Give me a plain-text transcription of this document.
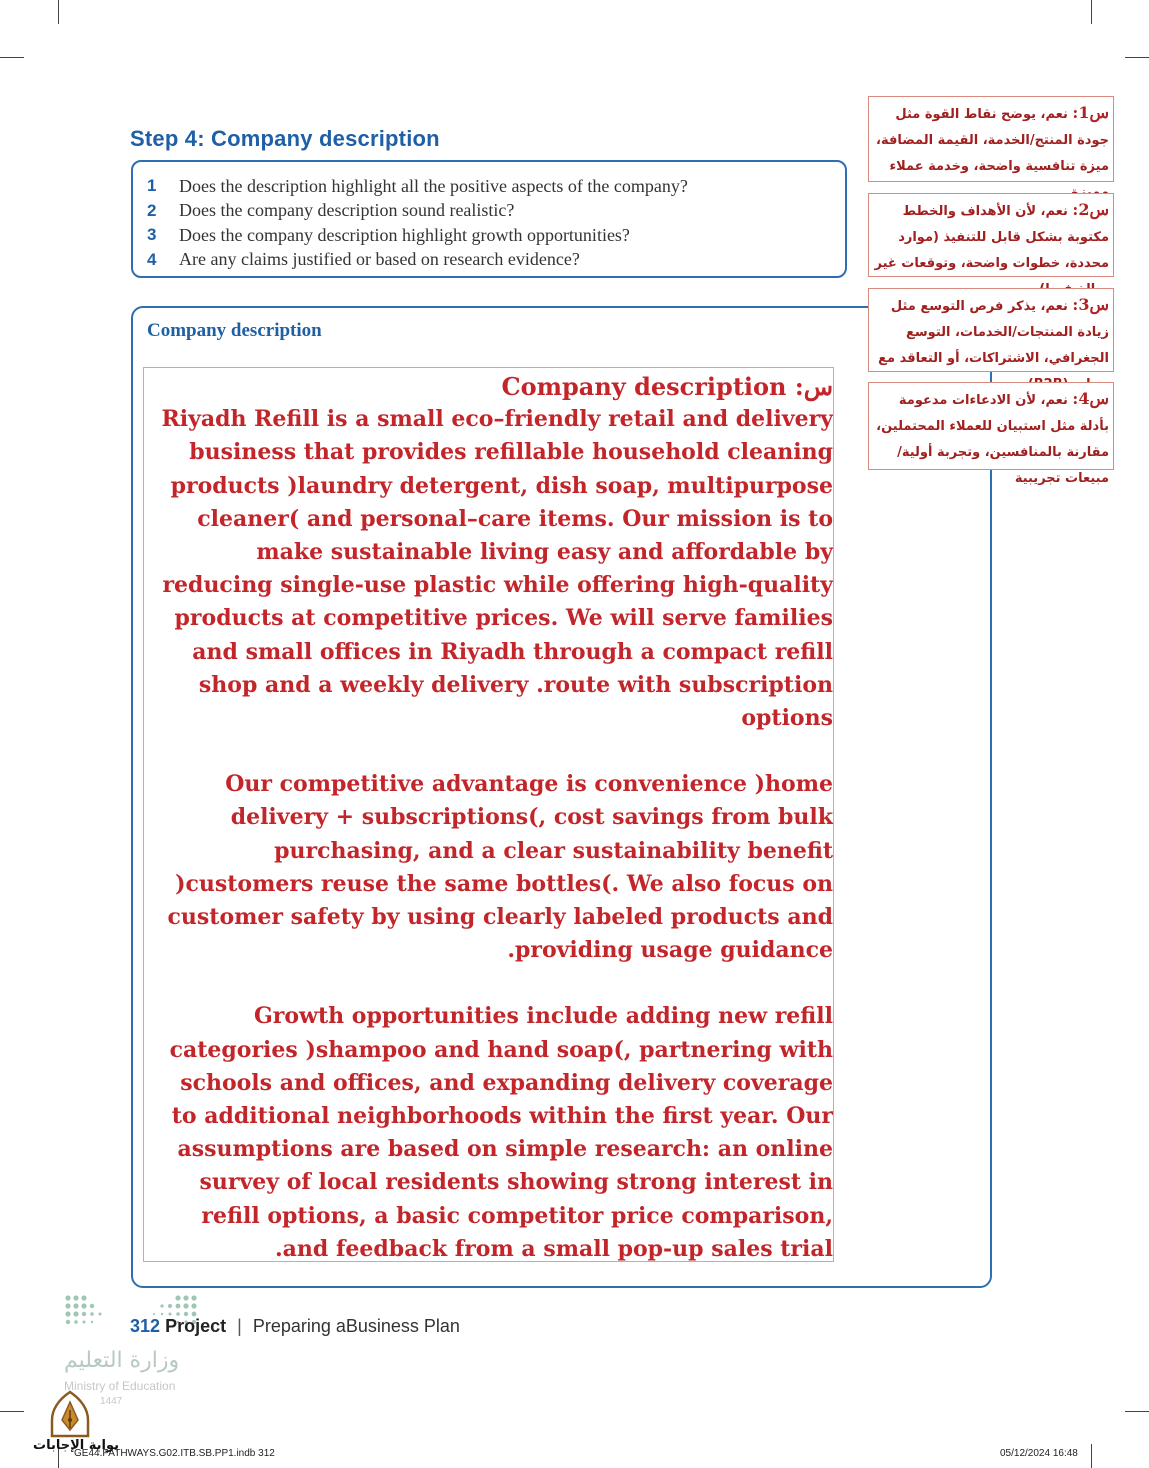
Step 4: Company description
1	Does the description highlight all the positive aspects of the company?
2	Does the company description sound realistic?
3	Does the company description highlight growth opportunities?
4	Are any claims justified or based on research evidence?
Company description

Company description :س

Riyadh Refill is a small eco–friendly retail and delivery business that provides refillable household cleaning products )laundry detergent, dish soap, multipurpose cleaner( and personal–care items. Our mission is to make sustainable living easy and affordable by reducing single-use plastic while offering high-quality products at competitive prices. We will serve families and small offices in Riyadh through a compact refill shop and a weekly delivery .route with subscription options

Our competitive advantage is convenience )home delivery + subscriptions(, cost savings from bulk purchasing, and a clear sustainability benefit )customers reuse the same bottles(. We also focus on customer safety by using clearly labeled products and .providing usage guidance

Growth opportunities include adding new refill categories )shampoo and hand soap(, partnering with schools and offices, and expanding delivery coverage to additional neighborhoods within the first year. Our assumptions are based on simple research: an online survey of local residents showing strong interest in refill options, a basic competitor price comparison, .and feedback from a small pop-up sales trial

س1: نعم، يوضح نقاط القوة مثل جودة المنتج/الخدمة، القيمة المضافة، ميزة تنافسية واضحة، وخدمة عملاء
س2: نعم، لأن الأهداف والخطط مكتوبة بشكل قابل للتنفيذ (موارد محددة، خطوات واضحة، وتوقعات غير
س3: نعم، يذكر فرص التوسع مثل زيادة المنتجات/الخدمات، التوسع الجغرافي، الاشتراكات، أو التعاقد مع
س4: نعم، لأن الادعاءات مدعومة بأدلة مثل استبيان للعملاء المحتملين، مقارنة بالمنافسين، وتجربة أولية/مبيعات تجريبية
312 Project | Preparing aBusiness Plan
وزارة التعليم
Ministry of Education
1447
بوابة الإجابات
GE44.PATHWAYS.G02.ITB.SB.PP1.indb 312	05/12/2024 16:48
